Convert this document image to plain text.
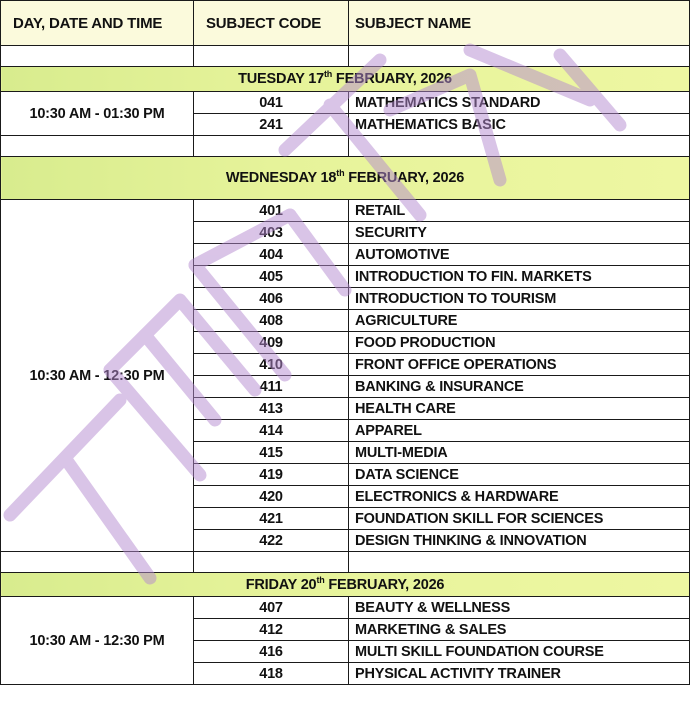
DAY, DATE AND TIME	SUBJECT CODE	SUBJECT NAME

TUESDAY 17th FEBRUARY, 2026		
10:30 AM - 01:30 PM	041	MATHEMATICS STANDARD
	241	MATHEMATICS BASIC

WEDNESDAY 18th FEBRUARY, 2026		
10:30 AM - 12:30 PM	401	RETAIL
	403	SECURITY
	404	AUTOMOTIVE
	405	INTRODUCTION TO FIN. MARKETS
	406	INTRODUCTION TO TOURISM
	408	AGRICULTURE
	409	FOOD PRODUCTION
	410	FRONT OFFICE OPERATIONS
	411	BANKING & INSURANCE
	413	HEALTH CARE
	414	APPAREL
	415	MULTI-MEDIA
	419	DATA SCIENCE
	420	ELECTRONICS & HARDWARE
	421	FOUNDATION SKILL FOR SCIENCES
	422	DESIGN THINKING & INNOVATION

FRIDAY 20th FEBRUARY, 2026		
10:30 AM - 12:30 PM	407	BEAUTY & WELLNESS
	412	MARKETING & SALES
	416	MULTI SKILL FOUNDATION COURSE
	418	PHYSICAL ACTIVITY TRAINER
